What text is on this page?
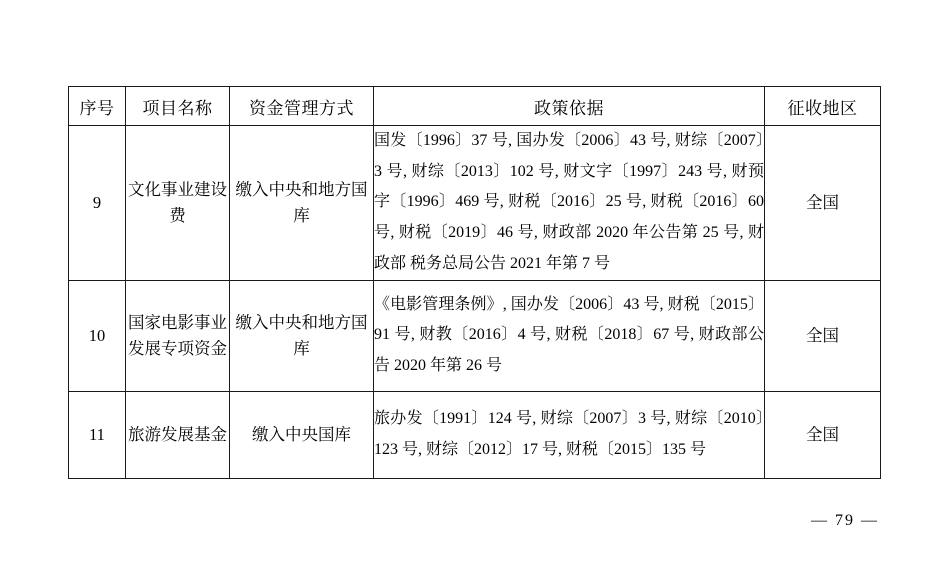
序号	项目名称	资金管理方式	政策依据	征收地区
9	文化事业建设费	缴入中央和地方国库	国发〔1996〕37 号, 国办发〔2006〕43 号, 财综〔2007〕3 号, 财综〔2013〕102 号, 财文字〔1997〕243 号, 财预字〔1996〕469 号, 财税〔2016〕25 号, 财税〔2016〕60 号, 财税〔2019〕46 号, 财政部 2020 年公告第 25 号, 财政部 税务总局公告 2021 年第 7 号	全国
10	国家电影事业发展专项资金	缴入中央和地方国库	《电影管理条例》, 国办发〔2006〕43 号, 财税〔2015〕91 号, 财教〔2016〕4 号, 财税〔2018〕67 号, 财政部公告 2020 年第 26 号	全国
11	旅游发展基金	缴入中央国库	旅办发〔1991〕124 号, 财综〔2007〕3 号, 财综〔2010〕123 号, 财综〔2012〕17 号, 财税〔2015〕135 号	全国
— 79 —
